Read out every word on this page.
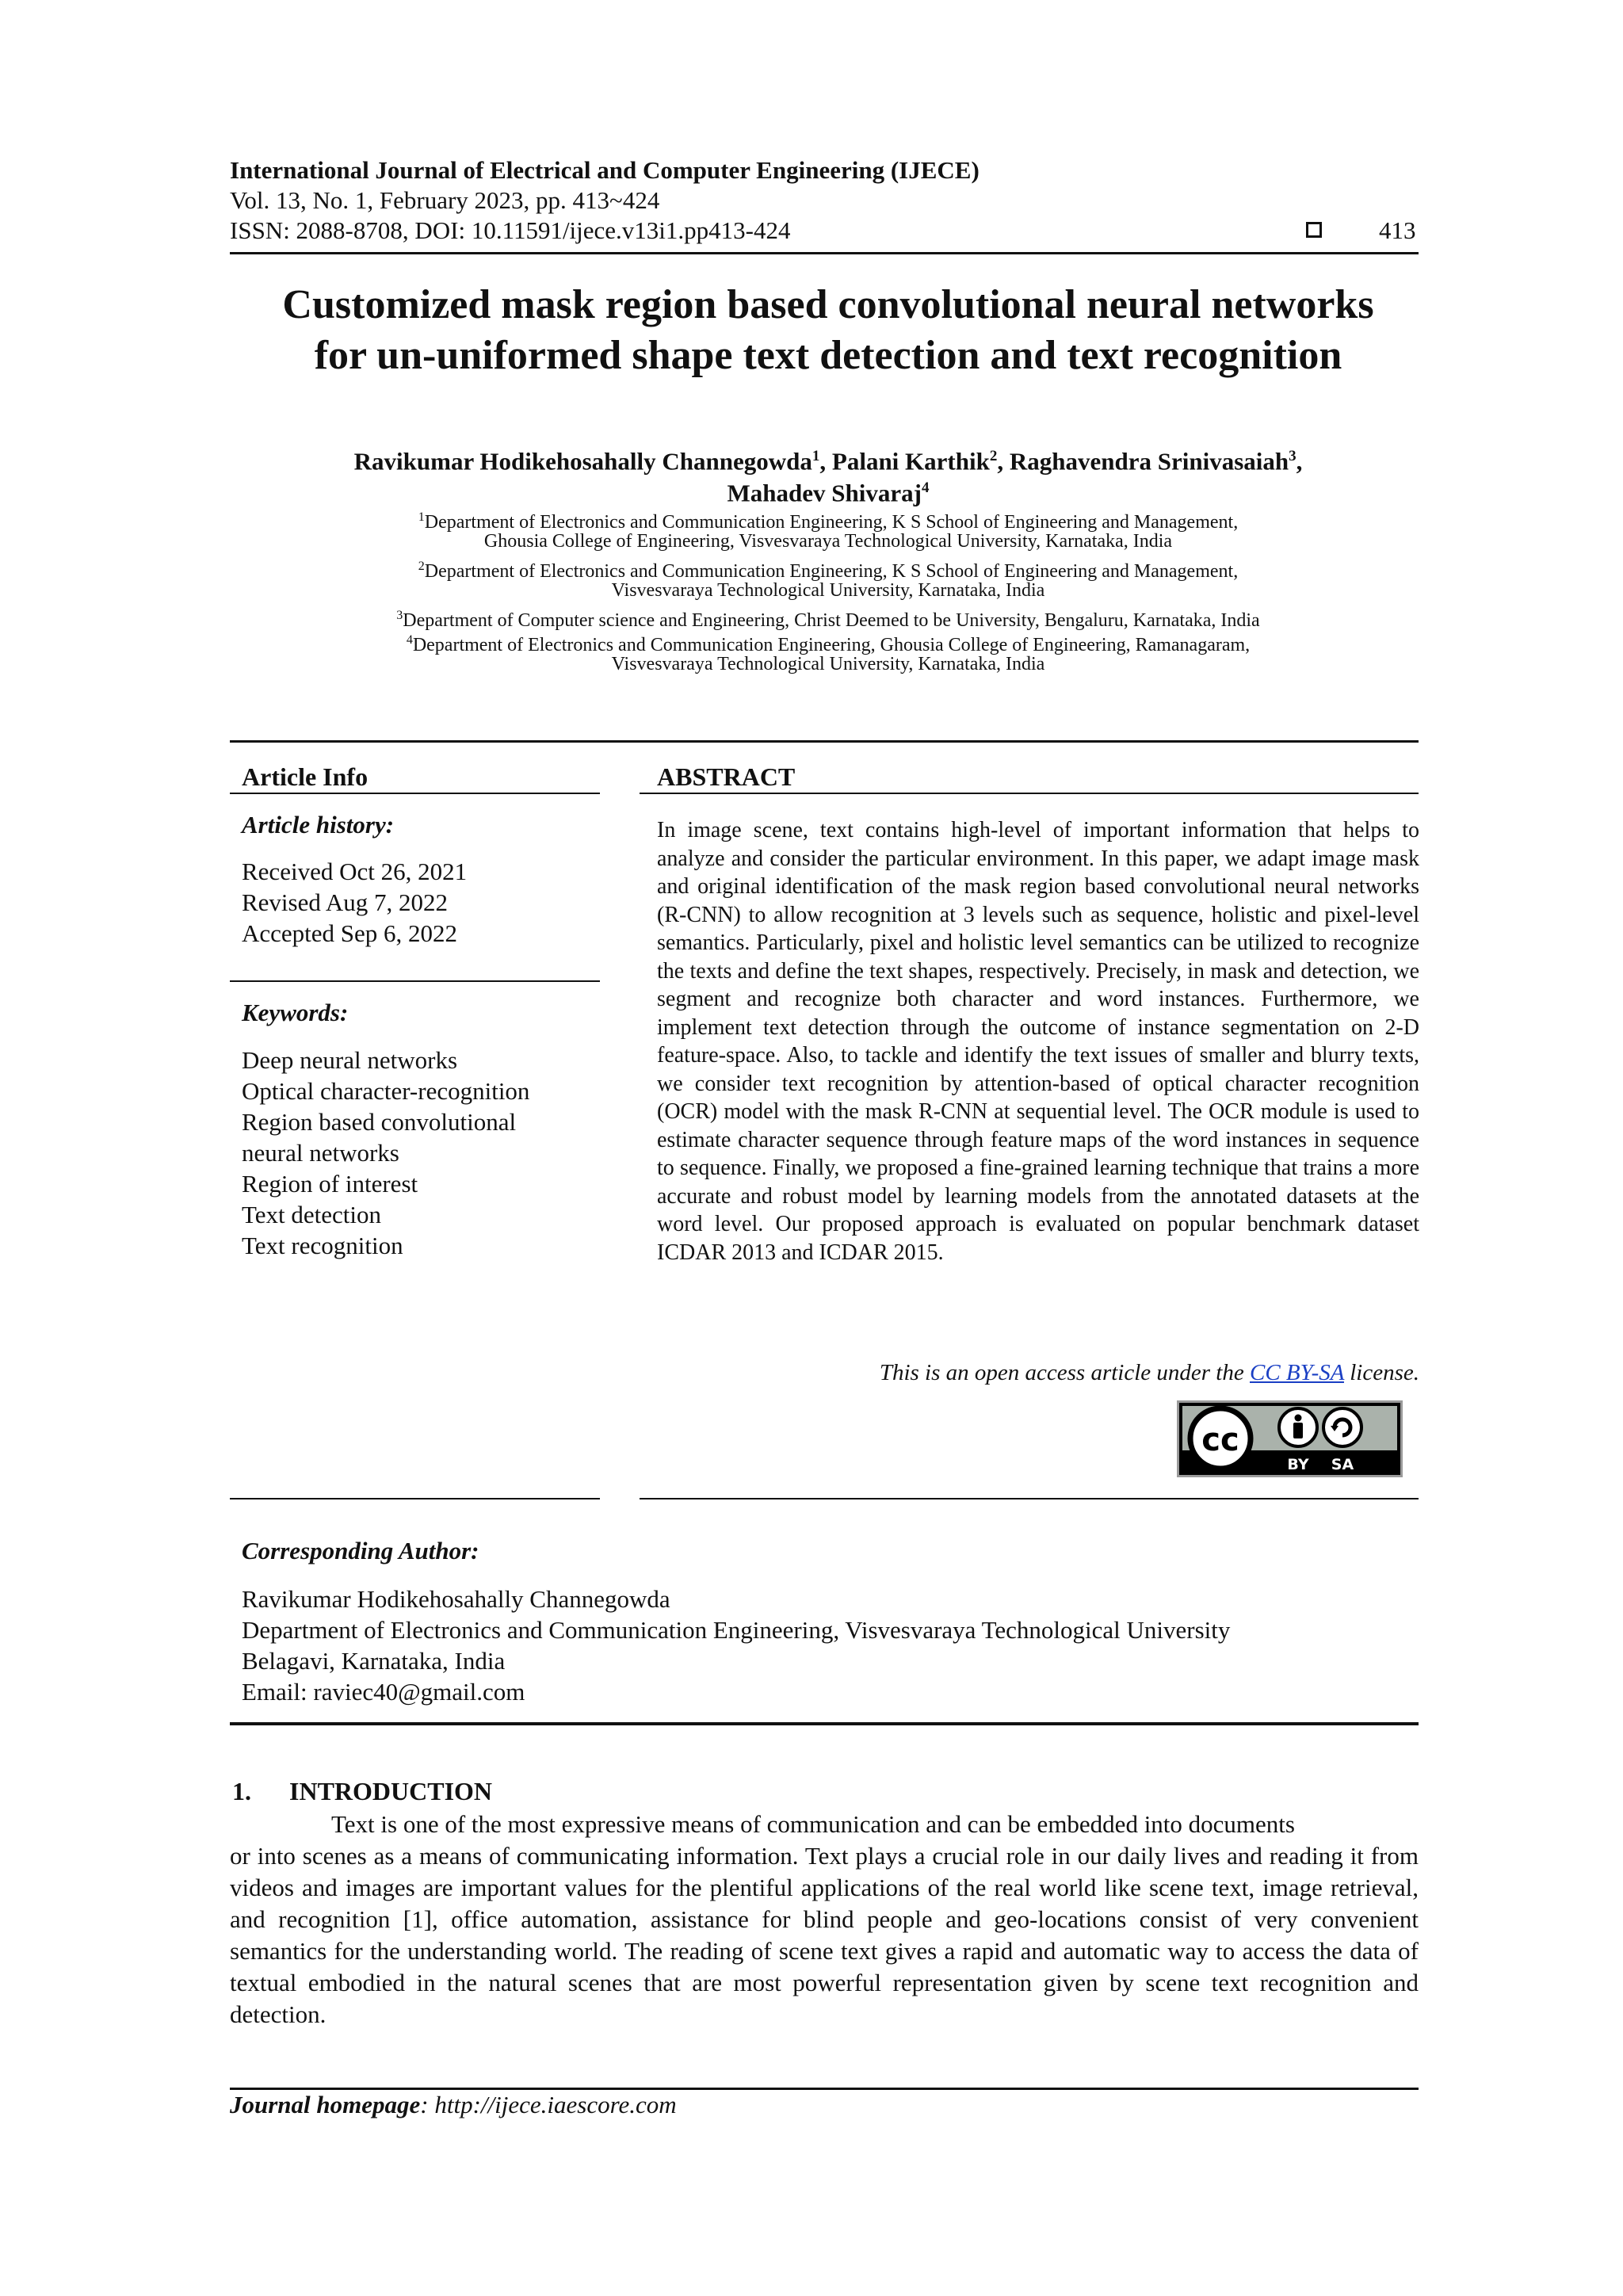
International Journal of Electrical and Computer Engineering (IJECE)
Vol. 13, No. 1, February 2023, pp. 413~424
ISSN: 2088-8708, DOI: 10.11591/ijece.v13i1.pp413-424	413
Customized mask region based convolutional neural networks
for un-uniformed shape text detection and text recognition
Ravikumar Hodikehosahally Channegowda$^1$, Palani Karthik$^2$, Raghavendra Srinivasaiah$^3$,
Mahadev Shivaraj$^4$
$^1$Department of Electronics and Communication Engineering, K S School of Engineering and Management,
Ghousia College of Engineering, Visvesvaraya Technological University, Karnataka, India
$^2$Department of Electronics and Communication Engineering, K S School of Engineering and Management,
Visvesvaraya Technological University, Karnataka, India
$^3$Department of Computer science and Engineering, Christ Deemed to be University, Bengaluru, Karnataka, India
$^4$Department of Electronics and Communication Engineering, Ghousia College of Engineering, Ramanagaram,
Visvesvaraya Technological University, Karnataka, India
Article Info
Article history:
Received Oct 26, 2021
Revised Aug 7, 2022
Accepted Sep 6, 2022
Keywords:
Deep neural networks
Optical character-recognition
Region based convolutional
neural networks
Region of interest
Text detection
Text recognition
ABSTRACT
In image scene, text contains high-level of important information that helps to analyze and consider the particular environment. In this paper, we adapt image mask and original identification of the mask region based convolutional neural networks (R-CNN) to allow recognition at 3 levels such as sequence, holistic and pixel-level semantics. Particularly, pixel and holistic level semantics can be utilized to recognize the texts and define the text shapes, respectively. Precisely, in mask and detection, we segment and recognize both character and word instances. Furthermore, we implement text detection through the outcome of instance segmentation on 2-D feature-space. Also, to tackle and identify the text issues of smaller and blurry texts, we consider text recognition by attention-based of optical character recognition (OCR) model with the mask R-CNN at sequential level. The OCR module is used to estimate character sequence through feature maps of the word instances in sequence to sequence. Finally, we proposed a fine-grained learning technique that trains a more accurate and robust model by learning models from the annotated datasets at the word level. Our proposed approach is evaluated on popular benchmark dataset ICDAR 2013 and ICDAR 2015.
This is an open access article under the CC BY-SA license.
cc
BY SA
Corresponding Author:
Ravikumar Hodikehosahally Channegowda
Department of Electronics and Communication Engineering, Visvesvaraya Technological University
Belagavi, Karnataka, India
Email: raviec40@gmail.com
1. INTRODUCTION
Text is one of the most expressive means of communication and can be embedded into documents
or into scenes as a means of communicating information. Text plays a crucial role in our daily lives and reading it from videos and images are important values for the plentiful applications of the real world like scene text, image retrieval, and recognition [1], office automation, assistance for blind people and geo-locations consist of very convenient semantics for the understanding world. The reading of scene text gives a rapid and automatic way to access the data of textual embodied in the natural scenes that are most powerful representation given by scene text recognition and detection.
Journal homepage: http://ijece.iaescore.com
